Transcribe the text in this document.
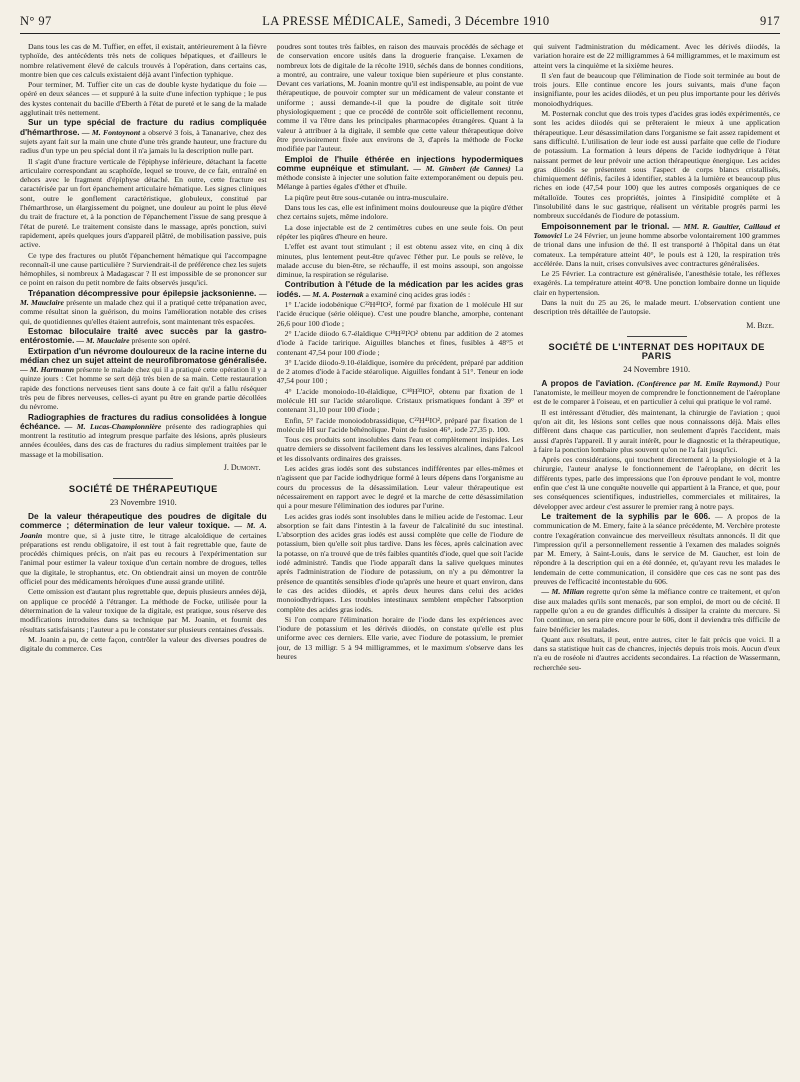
N° 97	LA PRESSE MÉDICALE, Samedi, 3 Décembre 1910	917

Dans tous les cas de M. Tuffier, en effet, il existait, antérieurement à la fièvre typhoïde, des antécédents très nets de coliques hépatiques, et d'ailleurs le nombre relativement élevé de calculs trouvés à l'opération, dans certains cas, montre bien que ces calculs existaient déjà avant l'infection typhique.

Pour terminer, M. Tuffier cite un cas de double kyste hydatique du foie — opéré en deux séances — et suppuré à la suite d'une infection typhique ; le pus des kystes contenait du bacille d'Eberth à l'état de pureté et le sang de la malade agglutinait très nettement.

Sur un type spécial de fracture du radius compliquée d'hémarthrose. — M. Fontoynont a observé 3 fois, à Tananarive, chez des sujets ayant fait sur la main une chute d'une très grande hauteur, une fracture du radius d'un type un peu spécial dont il n'a jamais lu la description nulle part.

Il s'agit d'une fracture verticale de l'épiphyse inférieure, détachant la facette articulaire correspondant au scaphoïde, lequel se trouve, de ce fait, entraîné en dehors avec le fragment d'épiphyse détaché. En outre, cette fracture est caractérisée par un fort épanchement articulaire hématique. Les signes cliniques sont, outre le gonflement caractéristique, globuleux, constitué par l'hémarthrose, un élargissement du poignet, une douleur au point le plus élevé du trait de fracture et, à la ponction de l'épanchement l'issue de sang presque à l'état de pureté. Le traitement consiste dans le massage, après ponction, suivi rapidement, après quelques jours d'appareil plâtré, de mobilisation passive, puis active.

Ce type des fractures ou plutôt l'épanchement hématique qui l'accompagne reconnaît-il une cause particulière ? Surviendrait-il de préférence chez les sujets hémophiles, si nombreux à Madagascar ? Il est impossible de se prononcer sur ce point en raison du petit nombre de faits observés jusqu'ici.

Trépanation décompressive pour épilepsie jacksonienne. — M. Mauclaire présente un malade chez qui il a pratiqué cette trépanation avec, comme résultat sinon la guérison, du moins l'amélioration notable des crises qui, de quotidiennes qu'elles étaient autrefois, sont maintenant très espacées.

Estomac biloculaire traité avec succès par la gastro-entérostomie. — M. Mauclaire présente son opéré.

Extirpation d'un névrome douloureux de la racine interne du médian chez un sujet atteint de neurofibromatose généralisée. — M. Hartmann présente le malade chez qui il a pratiqué cette opération il y a quinze jours : Cet homme se sert déjà très bien de sa main. Cette restauration rapide des fonctions nerveuses tient sans doute à ce fait qu'il a fallu réséquer très peu de fibres nerveuses, celles-ci ayant pu être en grande partie décollées du névrome.

Radiographies de fractures du radius consolidées à longue échéance. — M. Lucas-Championnière présente des radiographies qui montrent la restitutio ad integrum presque parfaite des lésions, après plusieurs années écoulées, dans des cas de fractures du radius simplement traitées par le massage et la mobilisation.

J. Dumont.
SOCIÉTÉ DE THÉRAPEUTIQUE
23 Novembre 1910.

De la valeur thérapeutique des poudres de digitale du commerce ; détermination de leur valeur toxique. — M. A. Joanin montre que, si à juste titre, le titrage alcaloïdique de certaines préparations est rendu obligatoire, il est tout à fait regrettable que, faute de procédés chimiques précis, on n'ait pas eu recours à l'expérimentation sur l'animal pour estimer la valeur toxique d'un certain nombre de drogues, telles que la digitale, le strophantus, etc. On obtiendrait ainsi un moyen de contrôle officiel pour des médicaments héroïques d'une aussi grande utilité.

Cette omission est d'autant plus regrettable que, depuis plusieurs années déjà, on applique ce procédé à l'étranger. La méthode de Focke, utilisée pour la détermination de la valeur toxique de la digitale, est pratique, sous réserve des modifications introduites dans sa technique par M. Joanin, et fournit des résultats satisfaisants ; l'auteur a pu le constater sur plusieurs centaines d'essais.

M. Joanin a pu, de cette façon, contrôler la valeur des diverses poudres de digitale du commerce. Ces

poudres sont toutes très faibles, en raison des mauvais procédés de séchage et de conservation encore usités dans la droguerie française. L'examen de nombreux lots de digitale de la récolte 1910, séchés dans de bonnes conditions, a montré, au contraire, une valeur toxique bien supérieure et plus constante. Devant ces variations, M. Joanin montre qu'il est indispensable, au point de vue thérapeutique, de pouvoir compter sur un médicament de valeur constante et uniforme ; aussi demande-t-il que la poudre de digitale soit titrée physiologiquement ; que ce procédé de contrôle soit officiellement reconnu, comme il va l'être dans les principales pharmacopées étrangères. Quant à la valeur à attribuer à la digitale, il semble que cette valeur thérapeutique doive être provisoirement fixée aux environs de 3, d'après la méthode de Focke modifiée par l'auteur.

Emploi de l'huile éthérée en injections hypodermiques comme eupnéique et stimulant. — M. Gimbert (de Cannes) La méthode consiste à injecter une solution faite extemporanément ou depuis peu. Mélange à parties égales d'éther et d'huile.

La piqûre peut être sous-cutanée ou intra-musculaire.

Dans tous les cas, elle est infiniment moins douloureuse que la piqûre d'éther chez certains sujets, même indolore.

La dose injectable est de 2 centimètres cubes en une seule fois. On peut répéter les piqûres d'heure en heure.

L'effet est avant tout stimulant ; il est obtenu assez vite, en cinq à dix minutes, plus lentement peut-être qu'avec l'éther pur. Le pouls se relève, le malade accuse du bien-être, se réchauffe, il est moins assoupi, son angoisse diminue, la respiration se régularise.

Contribution à l'étude de la médication par les acides gras iodés. — M. A. Posternak a examiné cinq acides gras iodés :

1° L'acide iodobénique C²²H⁴³IO², formé par fixation de 1 molécule HI sur l'acide érucique (série oléique). C'est une poudre blanche, amorphe, contenant 26,6 pour 100 d'iode ;

2° L'acide diiodo 6.7-élaïdique C¹⁸H³²I²O² obtenu par addition de 2 atomes d'iode à l'acide taririque. Aiguilles blanches et fines, fusibles à 48°5 et contenant 47,54 pour 100 d'iode ;

3° L'acide diiodo-9.10-élaïdique, isomère du précédent, préparé par addition de 2 atomes d'iode à l'acide stéarolique. Aiguilles fondant à 51°. Teneur en iode 47,54 pour 100 ;

4° L'acide monoiodo-10-élaïdique, C¹⁸H³³IO², obtenu par fixation de 1 molécule HI sur l'acide stéarolique. Cristaux prismatiques fondant à 39° et contenant 31,10 pour 100 d'iode ;

Enfin, 5° l'acide monoiodobrassidique, C²²H⁴¹IO², préparé par fixation de 1 molécule HI sur l'acide béhénolique. Point de fusion 46°, iode 27,35 p. 100.

Tous ces produits sont insolubles dans l'eau et complètement insipides. Les quatre derniers se dissolvent facilement dans les lessives alcalines, dans l'alcool et les dissolvants ordinaires des graisses.

Les acides gras iodés sont des substances indifférentes par elles-mêmes et n'agissent que par l'acide iodhydrique formé à leurs dépens dans l'organisme au cours du processus de la désassimilation. Leur valeur thérapeutique est nécessairement en rapport avec le degré et la marche de cette désassimilation qui a pour mesure l'élimination des iodures par l'urine.

Les acides gras iodés sont insolubles dans le milieu acide de l'estomac. Leur absorption se fait dans l'intestin à la faveur de l'alcalinité du suc intestinal. L'absorption des acides gras iodés est aussi complète que celle de l'iodure de potassium, bien qu'elle soit plus tardive. Dans les fèces, après calcination avec la potasse, on n'a trouvé que de très faibles quantités d'iode, quel que soit l'acide iodé administré. Tandis que l'iode apparaît dans la salive quelques minutes après l'administration de l'iodure de potassium, on n'y a pu démontrer la présence de quantités sensibles d'iode qu'après une heure et quart environ, dans le cas des acides diiodés, et après deux heures dans celui des acides monoiodhydriques. Les troubles intestinaux semblent empêcher l'absorption complète des acides gras iodés.

Si l'on compare l'élimination horaire de l'iode dans les expériences avec l'iodure de potassium et les dérivés diiodés, on constate qu'elle est plus uniforme avec ces derniers. Elle varie, avec l'iodure de potassium, le premier jour, de 13 milligr. 5 à 94 milligrammes, et le maximum s'observe dans les heures

qui suivent l'administration du médicament. Avec les dérivés diiodés, la variation horaire est de 22 milligrammes à 64 milligrammes, et le maximum est atteint vers la cinquième et la sixième heures.

Il s'en faut de beaucoup que l'élimination de l'iode soit terminée au bout de trois jours. Elle continue encore les jours suivants, mais d'une façon insignifiante, pour les acides diiodés, et un peu plus importante pour les dérivés monoiodhydriques.

M. Posternak conclut que des trois types d'acides gras iodés expérimentés, ce sont les acides diiodés qui se prêteraient le mieux à une application thérapeutique. Leur désassimilation dans l'organisme se fait assez rapidement et sans difficulté. L'utilisation de leur iode est aussi parfaite que celle de l'iodure de potassium. La formation à leurs dépens de l'acide iodhydrique à l'état naissant permet de leur prévoir une action thérapeutique énergique. Les acides gras diiodés se présentent sous l'aspect de corps blancs cristallisés, chimiquement définis, faciles à identifier, stables à la lumière et beaucoup plus riches en iode (47,54 pour 100) que les autres composés organiques de ce métalloïde. Toutes ces propriétés, jointes à l'insipidité complète et à l'insolubilité dans le suc gastrique, réalisent un véritable progrès parmi les nombreux succédanés de l'iodure de potassium.

Empoisonnement par le trional. — MM. R. Gaultier, Caillaud et Tomovici Le 24 Février, un jeune homme absorbe volontairement 100 grammes de trional dans une infusion de thé. Il est transporté à l'hôpital dans un état comateux. La température atteint 40°, le pouls est à 120, la respiration très accélérée. Dans la nuit, crises convulsives avec contractures généralisées.

Le 25 Février. La contracture est généralisée, l'anesthésie totale, les réflexes exagérés. La température atteint 40°8. Une ponction lombaire donne un liquide clair en hypertension.

Dans la nuit du 25 au 26, le malade meurt. L'observation contient une description très détaillée de l'autopsie.

M. Bize.
SOCIÉTÉ DE L'INTERNAT DES HOPITAUX DE PARIS
24 Novembre 1910.

A propos de l'aviation. (Conférence par M. Emile Raymond.) Pour l'anatomiste, le meilleur moyen de comprendre le fonctionnement de l'aéroplane est de le comparer à l'oiseau, et en particulier à celui qui pratique le vol ramé.

Il est intéressant d'étudier, dès maintenant, la chirurgie de l'aviation ; quoi qu'on ait dit, les lésions sont celles que nous connaissons déjà. Mais elles diffèrent dans chaque cas particulier, non seulement d'après l'accident, mais aussi d'après l'appareil. Il y aurait intérêt, pour le diagnostic et la thérapeutique, à faire la ponction lombaire plus souvent qu'on ne l'a fait jusqu'ici.

Après ces considérations, qui touchent directement à la physiologie et à la chirurgie, l'auteur analyse le fonctionnement de l'aéroplane, en décrit les différents types, parle des impressions que l'on éprouve pendant le vol, montre enfin que c'est là une conquête nouvelle qui appartient à la France, et que, pour ses conséquences scientifiques, industrielles, commerciales et militaires, la développer avec ardeur c'est assurer le premier rang à notre pays.

Le traitement de la syphilis par le 606. — A propos de la communication de M. Emery, faite à la séance précédente, M. Verchère proteste contre l'exagération convaincue des merveilleux résultats annoncés. Il dit que l'impression qu'il a personnellement ressentie à l'examen des malades soignés par M. Emery, à Saint-Louis, dans le service de M. Gaucher, est loin de répondre à la description qui en a été donnée, et, qu'ayant revu les malades le lendemain de cette communication, il considère que ces cas ne sont pas des preuves de l'efficacité incontestable du 606.

— M. Milian regrette qu'on sème la méfiance contre ce traitement, et qu'on dise aux malades qu'ils sont menacés, par son emploi, de mort ou de cécité. Il rappelle qu'on a eu de grandes difficultés à dissiper la crainte du mercure. Si l'on continue, on sera pire encore pour le 606, dont il deviendra très difficile de faire bénéficier les malades.

Quant aux résultats, il peut, entre autres, citer le fait précis que voici. Il a dans sa statistique huit cas de chancres, injectés depuis trois mois. Aucun d'eux n'a eu de roséole ni d'autres accidents secondaires. La réaction de Wassermann, recherchée seu-
